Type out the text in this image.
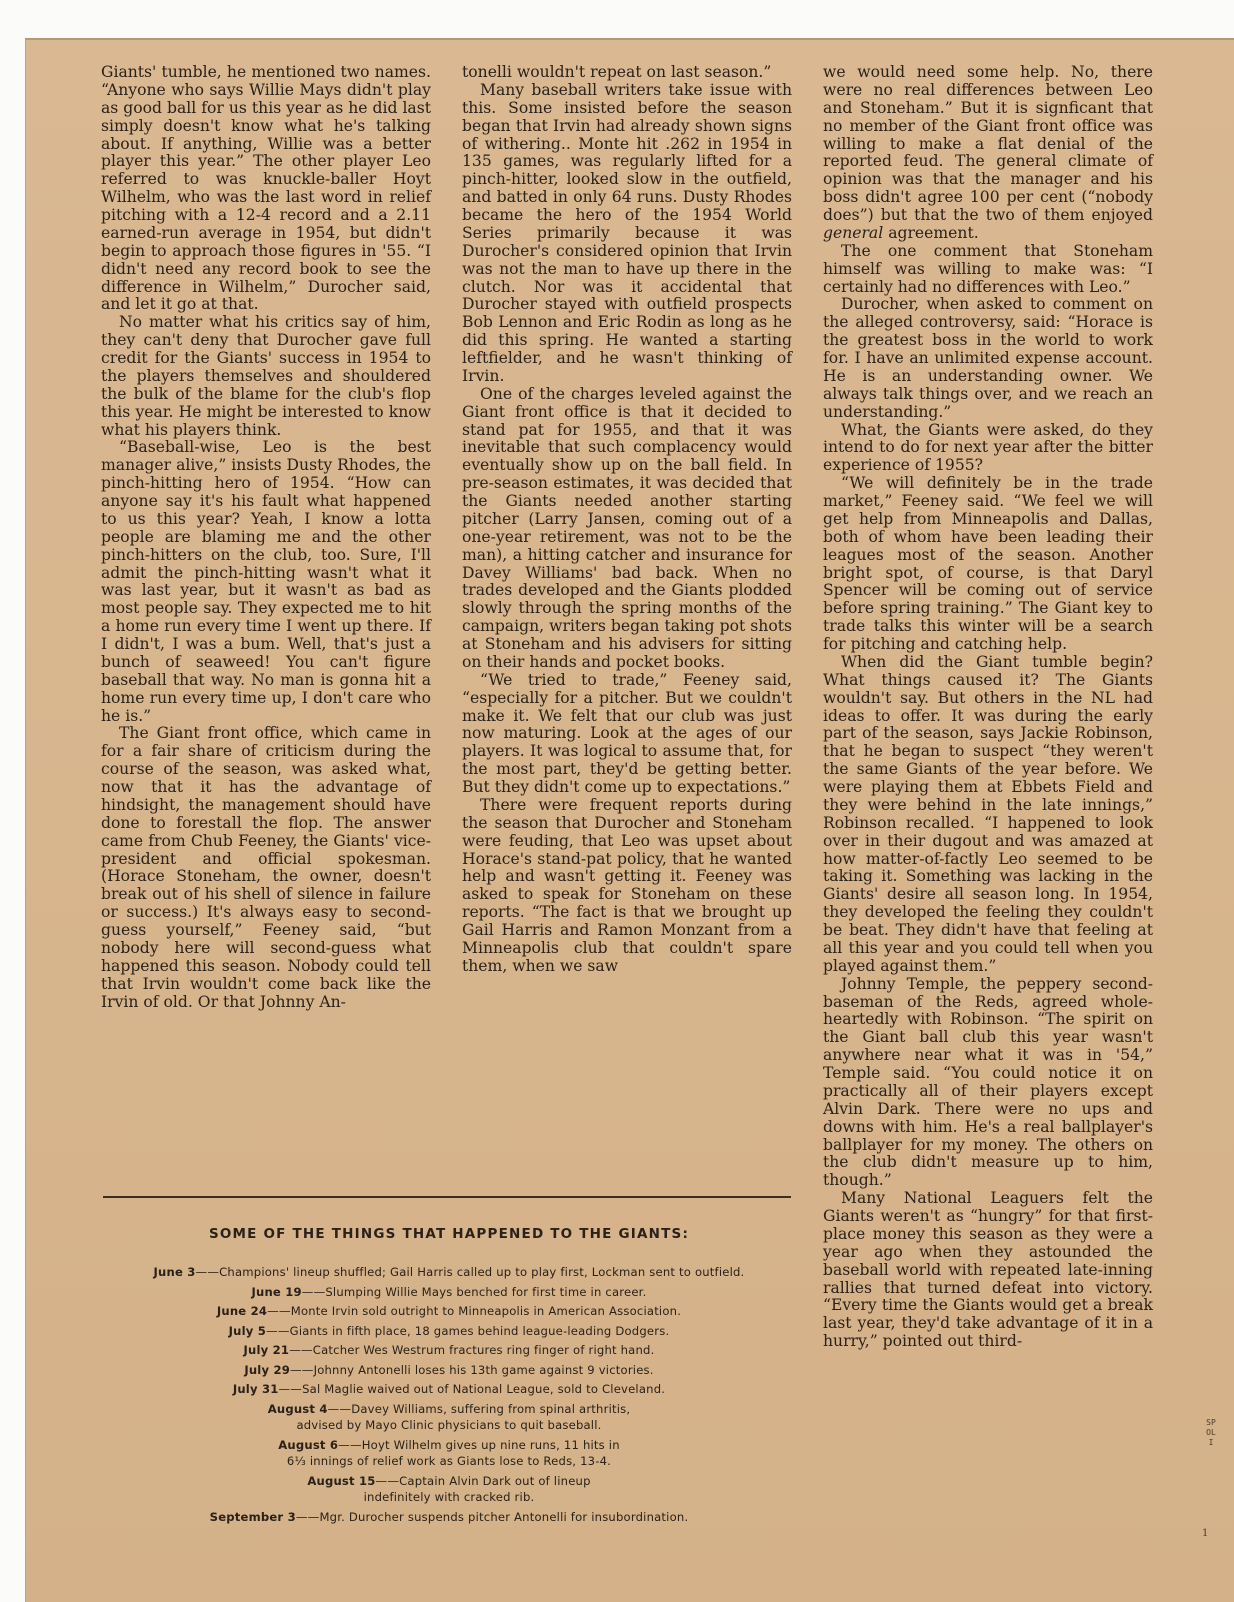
Giants' tumble, he mentioned two names. “Anyone who says Willie Mays didn't play as good ball for us this year as he did last simply doesn't know what he's talking about. If anything, Willie was a better player this year.” The other player Leo referred to was knuckle-baller Hoyt Wilhelm, who was the last word in relief pitching with a 12-4 record and a 2.11 earned-run average in 1954, but didn't begin to approach those figures in '55. “I didn't need any record book to see the difference in Wilhelm,” Durocher said, and let it go at that.

No matter what his critics say of him, they can't deny that Durocher gave full credit for the Giants' success in 1954 to the players themselves and shouldered the bulk of the blame for the club's flop this year. He might be interested to know what his players think.

“Baseball-wise, Leo is the best manager alive,” insists Dusty Rhodes, the pinch-hitting hero of 1954. “How can anyone say it's his fault what happened to us this year? Yeah, I know a lotta people are blaming me and the other pinch-hitters on the club, too. Sure, I'll admit the pinch-hitting wasn't what it was last year, but it wasn't as bad as most people say. They expected me to hit a home run every time I went up there. If I didn't, I was a bum. Well, that's just a bunch of seaweed! You can't figure baseball that way. No man is gonna hit a home run every time up, I don't care who he is.”

The Giant front office, which came in for a fair share of criticism during the course of the season, was asked what, now that it has the advantage of hindsight, the management should have done to forestall the flop. The answer came from Chub Feeney, the Giants' vice-president and official spokesman. (Horace Stoneham, the owner, doesn't break out of his shell of silence in failure or success.) It's always easy to second-guess yourself,” Feeney said, “but nobody here will second-guess what happened this season. Nobody could tell that Irvin wouldn't come back like the Irvin of old. Or that Johnny An-

tonelli wouldn't repeat on last season.”

Many baseball writers take issue with this. Some insisted before the season began that Irvin had already shown signs of withering.. Monte hit .262 in 1954 in 135 games, was regularly lifted for a pinch-hitter, looked slow in the outfield, and batted in only 64 runs. Dusty Rhodes became the hero of the 1954 World Series primarily because it was Durocher's considered opinion that Irvin was not the man to have up there in the clutch. Nor was it accidental that Durocher stayed with outfield prospects Bob Lennon and Eric Rodin as long as he did this spring. He wanted a starting leftfielder, and he wasn't thinking of Irvin.

One of the charges leveled against the Giant front office is that it decided to stand pat for 1955, and that it was inevitable that such complacency would eventually show up on the ball field. In pre-season estimates, it was decided that the Giants needed another starting pitcher (Larry Jansen, coming out of a one-year retirement, was not to be the man), a hitting catcher and insurance for Davey Williams' bad back. When no trades developed and the Giants plodded slowly through the spring months of the campaign, writers began taking pot shots at Stoneham and his advisers for sitting on their hands and pocket books.

“We tried to trade,” Feeney said, “especially for a pitcher. But we couldn't make it. We felt that our club was just now maturing. Look at the ages of our players. It was logical to assume that, for the most part, they'd be getting better. But they didn't come up to expectations.”

There were frequent reports during the season that Durocher and Stoneham were feuding, that Leo was upset about Horace's stand-pat policy, that he wanted help and wasn't getting it. Feeney was asked to speak for Stoneham on these reports. “The fact is that we brought up Gail Harris and Ramon Monzant from a Minneapolis club that couldn't spare them, when we saw

we would need some help. No, there were no real differences between Leo and Stoneham.” But it is signficant that no member of the Giant front office was willing to make a flat denial of the reported feud. The general climate of opinion was that the manager and his boss didn't agree 100 per cent (“nobody does”) but that the two of them enjoyed general agreement.

The one comment that Stoneham himself was willing to make was: “I certainly had no differences with Leo.”

Durocher, when asked to comment on the alleged controversy, said: “Horace is the greatest boss in the world to work for. I have an unlimited expense account. He is an understanding owner. We always talk things over, and we reach an understanding.”

What, the Giants were asked, do they intend to do for next year after the bitter experience of 1955?

“We will definitely be in the trade market,” Feeney said. “We feel we will get help from Minneapolis and Dallas, both of whom have been leading their leagues most of the season. Another bright spot, of course, is that Daryl Spencer will be coming out of service before spring training.” The Giant key to trade talks this winter will be a search for pitching and catching help.

When did the Giant tumble begin? What things caused it? The Giants wouldn't say. But others in the NL had ideas to offer. It was during the early part of the season, says Jackie Robinson, that he began to suspect “they weren't the same Giants of the year before. We were playing them at Ebbets Field and they were behind in the late innings,” Robinson recalled. “I happened to look over in their dugout and was amazed at how matter-of-factly Leo seemed to be taking it. Something was lacking in the Giants' desire all season long. In 1954, they developed the feeling they couldn't be beat. They didn't have that feeling at all this year and you could tell when you played against them.”

Johnny Temple, the peppery second-baseman of the Reds, agreed whole-heartedly with Robinson. “The spirit on the Giant ball club this year wasn't anywhere near what it was in '54,” Temple said. “You could notice it on practically all of their players except Alvin Dark. There were no ups and downs with him. He's a real ballplayer's ballplayer for my money. The others on the club didn't measure up to him, though.”

Many National Leaguers felt the Giants weren't as “hungry” for that first-place money this season as they were a year ago when they astounded the baseball world with repeated late-inning rallies that turned defeat into victory. “Every time the Giants would get a break last year, they'd take advantage of it in a hurry,” pointed out third-

SOME OF THE THINGS THAT HAPPENED TO THE GIANTS:
June 3——Champions' lineup shuffled; Gail Harris called up to play first, Lockman sent to outfield.
June 19——Slumping Willie Mays benched for first time in career.
June 24——Monte Irvin sold outright to Minneapolis in American Association.
July 5——Giants in fifth place, 18 games behind league-leading Dodgers.
July 21——Catcher Wes Westrum fractures ring finger of right hand.
July 29——Johnny Antonelli loses his 13th game against 9 victories.
July 31——Sal Maglie waived out of National League, sold to Cleveland.
August 4——Davey Williams, suffering from spinal arthritis,
advised by Mayo Clinic physicians to quit baseball.
August 6——Hoyt Wilhelm gives up nine runs, 11 hits in
6⅓ innings of relief work as Giants lose to Reds, 13-4.
August 15——Captain Alvin Dark out of lineup
indefinitely with cracked rib.
September 3——Mgr. Durocher suspends pitcher Antonelli for insubordination.
SPOLI
1
